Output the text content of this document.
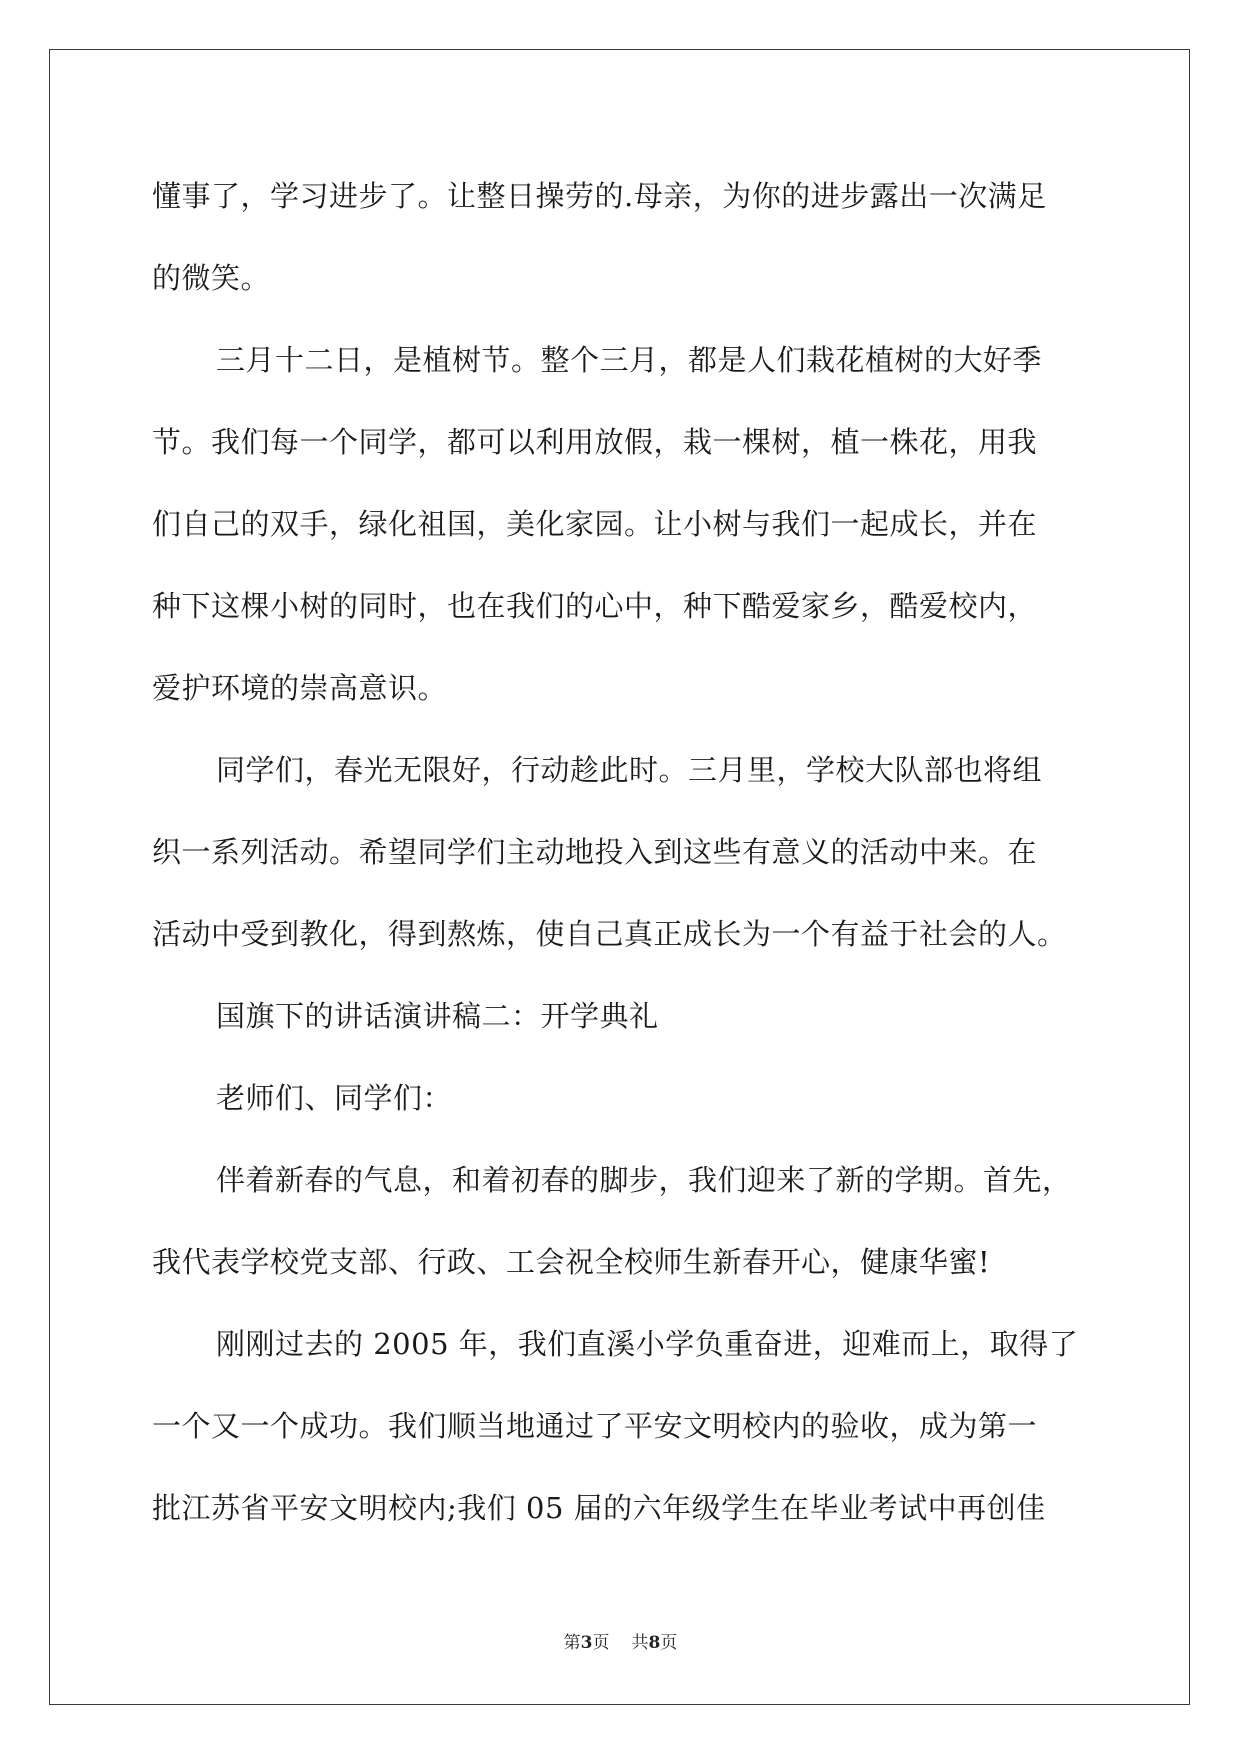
懂事了，学习进步了。让整日操劳的.母亲，为你的进步露出一次满足
的微笑。
三月十二日，是植树节。整个三月，都是人们栽花植树的大好季
节。我们每一个同学，都可以利用放假，栽一棵树，植一株花，用我
们自己的双手，绿化祖国，美化家园。让小树与我们一起成长，并在
种下这棵小树的同时，也在我们的心中，种下酷爱家乡，酷爱校内，
爱护环境的崇高意识。
同学们，春光无限好，行动趁此时。三月里，学校大队部也将组
织一系列活动。希望同学们主动地投入到这些有意义的活动中来。在
活动中受到教化，得到熬炼，使自己真正成长为一个有益于社会的人。
国旗下的讲话演讲稿二：开学典礼
老师们、同学们：
伴着新春的气息，和着初春的脚步，我们迎来了新的学期。首先，
我代表学校党支部、行政、工会祝全校师生新春开心，健康华蜜!
刚刚过去的 2005 年，我们直溪小学负重奋进，迎难而上，取得了
一个又一个成功。我们顺当地通过了平安文明校内的验收，成为第一
批江苏省平安文明校内;我们 05 届的六年级学生在毕业考试中再创佳
第3页 共8页
